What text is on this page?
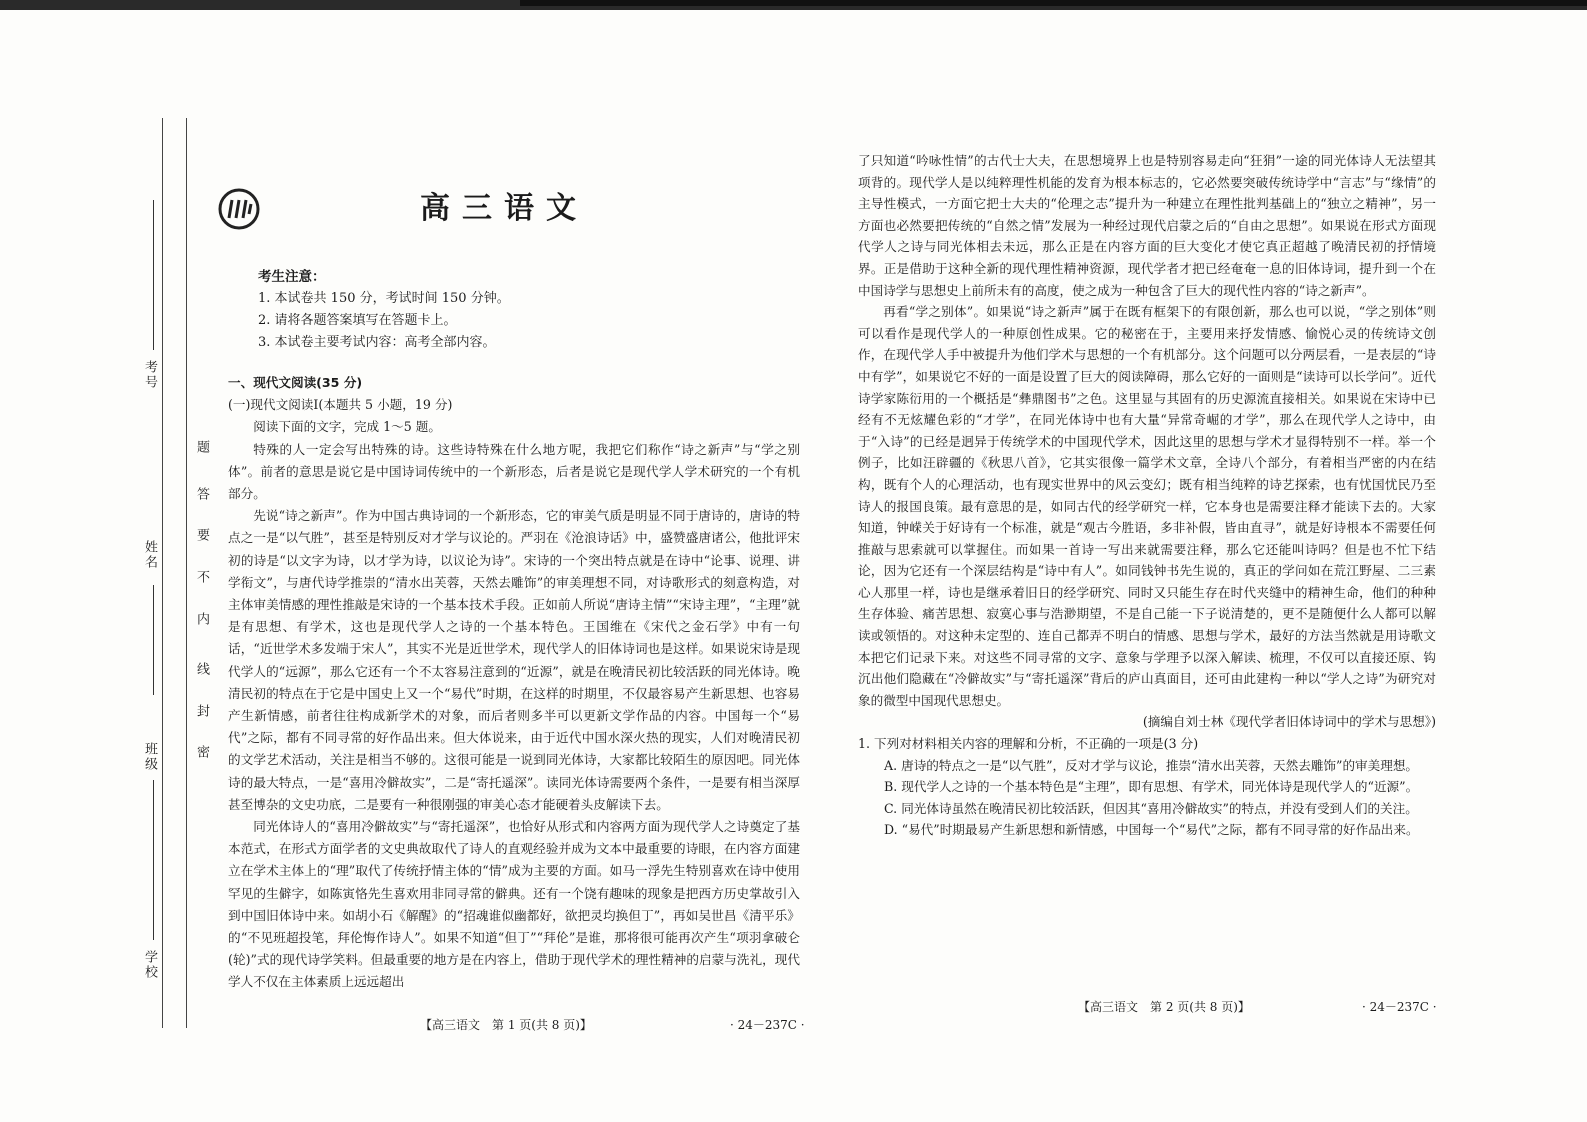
考号
姓名
班级
学校
题
答
要
不
内
线
封
密
高三语文
考生注意：
1. 本试卷共 150 分，考试时间 150 分钟。
2. 请将各题答案填写在答题卡上。
3. 本试卷主要考试内容：高考全部内容。

一、现代文阅读(35 分)

(一)现代文阅读Ⅰ(本题共 5 小题，19 分)

阅读下面的文字，完成 1～5 题。

特殊的人一定会写出特殊的诗。这些诗特殊在什么地方呢，我把它们称作“诗之新声”与“学之别体”。前者的意思是说它是中国诗词传统中的一个新形态，后者是说它是现代学人学术研究的一个有机部分。

先说“诗之新声”。作为中国古典诗词的一个新形态，它的审美气质是明显不同于唐诗的，唐诗的特点之一是“以气胜”，甚至是特别反对才学与议论的。严羽在《沧浪诗话》中，盛赞盛唐诸公，他批评宋初的诗是“以文字为诗，以才学为诗，以议论为诗”。宋诗的一个突出特点就是在诗中“论事、说理、讲学衔文”，与唐代诗学推崇的“清水出芙蓉，天然去雕饰”的审美理想不同，对诗歌形式的刻意构造，对主体审美情感的理性推敲是宋诗的一个基本技术手段。正如前人所说“唐诗主情”“宋诗主理”，“主理”就是有思想、有学术，这也是现代学人之诗的一个基本特色。王国维在《宋代之金石学》中有一句话，“近世学术多发端于宋人”，其实不光是近世学术，现代学人的旧体诗词也是这样。如果说宋诗是现代学人的“远源”，那么它还有一个不太容易注意到的“近源”，就是在晚清民初比较活跃的同光体诗。晚清民初的特点在于它是中国史上又一个“易代”时期，在这样的时期里，不仅最容易产生新思想、也容易产生新情感，前者往往构成新学术的对象，而后者则多半可以更新文学作品的内容。中国每一个“易代”之际，都有不同寻常的好作品出来。但大体说来，由于近代中国水深火热的现实，人们对晚清民初的文学艺术活动，关注是相当不够的。这很可能是一说到同光体诗，大家都比较陌生的原因吧。同光体诗的最大特点，一是“喜用冷僻故实”，二是“寄托遥深”。读同光体诗需要两个条件，一是要有相当深厚甚至博杂的文史功底，二是要有一种很刚强的审美心态才能硬着头皮解读下去。

同光体诗人的“喜用冷僻故实”与“寄托遥深”，也恰好从形式和内容两方面为现代学人之诗奠定了基本范式，在形式方面学者的文史典故取代了诗人的直观经验并成为文本中最重要的诗眼，在内容方面建立在学术主体上的“理”取代了传统抒情主体的“情”成为主要的方面。如马一浮先生特别喜欢在诗中使用罕见的生僻字，如陈寅恪先生喜欢用非同寻常的僻典。还有一个饶有趣味的现象是把西方历史掌故引入到中国旧体诗中来。如胡小石《解醒》的“招魂谁似幽都好，欲把灵均换但丁”，再如吴世昌《清平乐》的“不见班超投笔，拜伦悔作诗人”。如果不知道“但丁”“拜伦”是谁，那将很可能再次产生“项羽拿破仑(轮)”式的现代诗学笑料。但最重要的地方是在内容上，借助于现代学术的理性精神的启蒙与洗礼，现代学人不仅在主体素质上远远超出

【高三语文　第 1 页(共 8 页)】	· 24－237C ·

了只知道“吟咏性情”的古代士大夫，在思想境界上也是特别容易走向“狂狷”一途的同光体诗人无法望其项背的。现代学人是以纯粹理性机能的发育为根本标志的，它必然要突破传统诗学中“言志”与“缘情”的主导性模式，一方面它把士大夫的“伦理之志”提升为一种建立在理性批判基础上的“独立之精神”，另一方面也必然要把传统的“自然之情”发展为一种经过现代启蒙之后的“自由之思想”。如果说在形式方面现代学人之诗与同光体相去未远，那么正是在内容方面的巨大变化才使它真正超越了晚清民初的抒情境界。正是借助于这种全新的现代理性精神资源，现代学者才把已经奄奄一息的旧体诗词，提升到一个在中国诗学与思想史上前所未有的高度，使之成为一种包含了巨大的现代性内容的“诗之新声”。

再看“学之别体”。如果说“诗之新声”属于在既有框架下的有限创新，那么也可以说，“学之别体”则可以看作是现代学人的一种原创性成果。它的秘密在于，主要用来抒发情感、愉悦心灵的传统诗文创作，在现代学人手中被提升为他们学术与思想的一个有机部分。这个问题可以分两层看，一是表层的“诗中有学”，如果说它不好的一面是设置了巨大的阅读障碍，那么它好的一面则是“读诗可以长学问”。近代诗学家陈衍用的一个概括是“彝鼎图书”之色。这里显与其固有的历史源流直接相关。如果说在宋诗中已经有不无炫耀色彩的“才学”，在同光体诗中也有大量“异常奇崛的才学”，那么在现代学人之诗中，由于“入诗”的已经是迥异于传统学术的中国现代学术，因此这里的思想与学术才显得特别不一样。举一个例子，比如汪辟疆的《秋思八首》，它其实很像一篇学术文章，全诗八个部分，有着相当严密的内在结构，既有个人的心理活动，也有现实世界中的风云变幻；既有相当纯粹的诗艺探索，也有忧国忧民乃至诗人的报国良策。最有意思的是，如同古代的经学研究一样，它本身也是需要注释才能读下去的。大家知道，钟嵘关于好诗有一个标准，就是“观古今胜语，多非补假，皆由直寻”，就是好诗根本不需要任何推敲与思索就可以掌握住。而如果一首诗一写出来就需要注释，那么它还能叫诗吗？但是也不忙下结论，因为它还有一个深层结构是“诗中有人”。如同钱钟书先生说的，真正的学问如在荒江野屋、二三素心人那里一样，诗也是继承着旧日的经学研究、同时又只能生存在时代夹缝中的精神生命，他们的种种生存体验、痛苦思想、寂寞心事与浩渺期望，不是自己能一下子说清楚的，更不是随便什么人都可以解读或领悟的。对这种未定型的、连自己都弄不明白的情感、思想与学术，最好的方法当然就是用诗歌文本把它们记录下来。对这些不同寻常的文字、意象与学理予以深入解读、梳理，不仅可以直接还原、钩沉出他们隐藏在“冷僻故实”与“寄托遥深”背后的庐山真面目，还可由此建构一种以“学人之诗”为研究对象的微型中国现代思想史。

(摘编自刘士林《现代学者旧体诗词中的学术与思想》)

1. 下列对材料相关内容的理解和分析，不正确的一项是(3 分)

A. 唐诗的特点之一是“以气胜”，反对才学与议论，推崇“清水出芙蓉，天然去雕饰”的审美理想。

B. 现代学人之诗的一个基本特色是“主理”，即有思想、有学术，同光体诗是现代学人的“近源”。

C. 同光体诗虽然在晚清民初比较活跃，但因其“喜用冷僻故实”的特点，并没有受到人们的关注。

D. “易代”时期最易产生新思想和新情感，中国每一个“易代”之际，都有不同寻常的好作品出来。

【高三语文　第 2 页(共 8 页)】	· 24－237C ·
